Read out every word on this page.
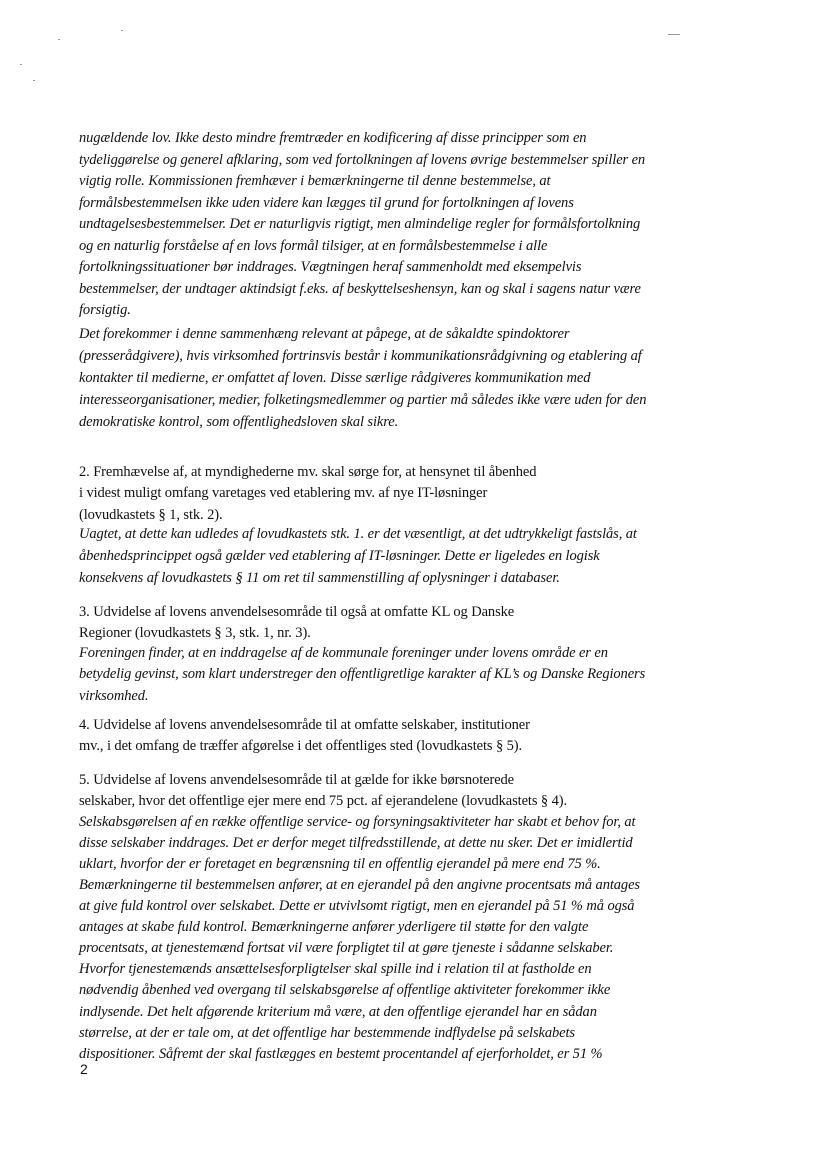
nugældende lov. Ikke desto mindre fremtræder en kodificering af disse principper som en
tydeliggørelse og generel afklaring, som ved fortolkningen af lovens øvrige bestemmelser spiller en
vigtig rolle. Kommissionen fremhæver i bemærkningerne til denne bestemmelse, at
formålsbestemmelsen ikke uden videre kan lægges til grund for fortolkningen af lovens
undtagelsesbestemmelser. Det er naturligvis rigtigt, men almindelige regler for formålsfortolkning
og en naturlig forståelse af en lovs formål tilsiger, at en formålsbestemmelse i alle
fortolkningssituationer bør inddrages. Vægtningen heraf sammenholdt med eksempelvis
bestemmelser, der undtager aktindsigt f.eks. af beskyttelseshensyn, kan og skal i sagens natur være
forsigtig.
Det forekommer i denne sammenhæng relevant at påpege, at de såkaldte spindoktorer
(presserådgivere), hvis virksomhed fortrinsvis består i kommunikationsrådgivning og etablering af
kontakter til medierne, er omfattet af loven. Disse særlige rådgiveres kommunikation med
interesseorganisationer, medier, folketingsmedlemmer og partier må således ikke være uden for den
demokratiske kontrol, som offentlighedsloven skal sikre.
2. Fremhævelse af, at myndighederne mv. skal sørge for, at hensynet til åbenhed
i videst muligt omfang varetages ved etablering mv. af nye IT-løsninger
(lovudkastets § 1, stk. 2).
Uagtet, at dette kan udledes af lovudkastets stk. 1. er det væsentligt, at det udtrykkeligt fastslås, at
åbenhedsprincippet også gælder ved etablering af IT-løsninger. Dette er ligeledes en logisk
konsekvens af lovudkastets § 11 om ret til sammenstilling af oplysninger i databaser.
3. Udvidelse af lovens anvendelsesområde til også at omfatte KL og Danske
Regioner (lovudkastets § 3, stk. 1, nr. 3).
Foreningen finder, at en inddragelse af de kommunale foreninger under lovens område er en
betydelig gevinst, som klart understreger den offentligretlige karakter af KL’s og Danske Regioners
virksomhed.
4. Udvidelse af lovens anvendelsesområde til at omfatte selskaber, institutioner
mv., i det omfang de træffer afgørelse i det offentliges sted (lovudkastets § 5).
5. Udvidelse af lovens anvendelsesområde til at gælde for ikke børsnoterede
selskaber, hvor det offentlige ejer mere end 75 pct. af ejerandelene (lovudkastets § 4).
Selskabsgørelsen af en række offentlige service- og forsyningsaktiviteter har skabt et behov for, at
disse selskaber inddrages. Det er derfor meget tilfredsstillende, at dette nu sker. Det er imidlertid
uklart, hvorfor der er foretaget en begrænsning til en offentlig ejerandel på mere end 75 %.
Bemærkningerne til bestemmelsen anfører, at en ejerandel på den angivne procentsats må antages
at give fuld kontrol over selskabet. Dette er utvivlsomt rigtigt, men en ejerandel på 51 % må også
antages at skabe fuld kontrol. Bemærkningerne anfører yderligere til støtte for den valgte
procentsats, at tjenestemænd fortsat vil være forpligtet til at gøre tjeneste i sådanne selskaber.
Hvorfor tjenestemænds ansættelsesforpligtelser skal spille ind i relation til at fastholde en
nødvendig åbenhed ved overgang til selskabsgørelse af offentlige aktiviteter forekommer ikke
indlysende. Det helt afgørende kriterium må være, at den offentlige ejerandel har en sådan
størrelse, at der er tale om, at det offentlige har bestemmende indflydelse på selskabets
dispositioner. Såfremt der skal fastlægges en bestemt procentandel af ejerforholdet, er 51 %
2
